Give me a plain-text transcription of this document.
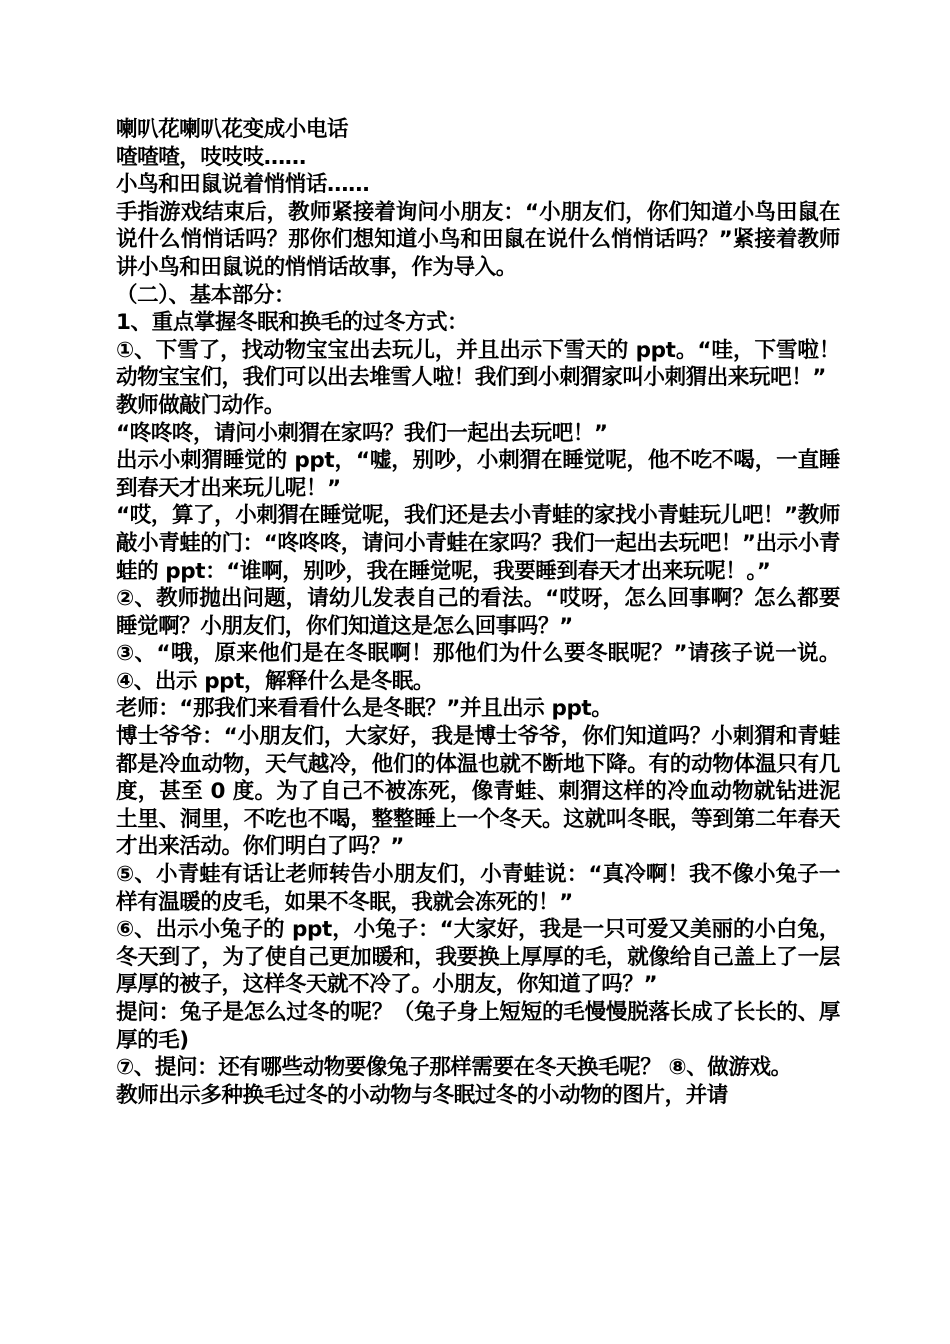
喇叭花喇叭花变成小电话

喳喳喳，吱吱吱……

小鸟和田鼠说着悄悄话……

手指游戏结束后，教师紧接着询问小朋友：“小朋友们，你们知道小鸟田鼠在说什么悄悄话吗？那你们想知道小鸟和田鼠在说什么悄悄话吗？”紧接着教师讲小鸟和田鼠说的悄悄话故事，作为导入。

（二）、基本部分：

1、重点掌握冬眠和换毛的过冬方式：

①、下雪了，找动物宝宝出去玩儿，并且出示下雪天的 ppt。“哇，下雪啦！动物宝宝们，我们可以出去堆雪人啦！我们到小刺猬家叫小刺猬出来玩吧！”

教师做敲门动作。

“咚咚咚，请问小刺猬在家吗？我们一起出去玩吧！”

出示小刺猬睡觉的 ppt，“嘘，别吵，小刺猬在睡觉呢，他不吃不喝，一直睡到春天才出来玩儿呢！”

“哎，算了，小刺猬在睡觉呢，我们还是去小青蛙的家找小青蛙玩儿吧！”教师敲小青蛙的门：“咚咚咚，请问小青蛙在家吗？我们一起出去玩吧！”出示小青蛙的 ppt：“谁啊，别吵，我在睡觉呢，我要睡到春天才出来玩呢！。”

②、教师抛出问题，请幼儿发表自己的看法。“哎呀，怎么回事啊？怎么都要睡觉啊？小朋友们，你们知道这是怎么回事吗？”

③、“哦，原来他们是在冬眠啊！那他们为什么要冬眠呢？”请孩子说一说。 ④、出示 ppt，解释什么是冬眠。

老师：“那我们来看看什么是冬眠？”并且出示 ppt。

博士爷爷：“小朋友们，大家好，我是博士爷爷，你们知道吗？小刺猬和青蛙都是冷血动物，天气越冷，他们的体温也就不断地下降。有的动物体温只有几度，甚至 0 度。为了自己不被冻死，像青蛙、刺猬这样的冷血动物就钻进泥土里、洞里，不吃也不喝，整整睡上一个冬天。这就叫冬眠，等到第二年春天才出来活动。你们明白了吗？”

⑤、小青蛙有话让老师转告小朋友们，小青蛙说：“真冷啊！我不像小兔子一样有温暖的皮毛，如果不冬眠，我就会冻死的！”

⑥、出示小兔子的 ppt，小兔子：“大家好，我是一只可爱又美丽的小白兔，冬天到了，为了使自己更加暖和，我要换上厚厚的毛，就像给自己盖上了一层厚厚的被子，这样冬天就不冷了。小朋友，你知道了吗？”

提问：兔子是怎么过冬的呢？（兔子身上短短的毛慢慢脱落长成了长长的、厚厚的毛)

⑦、提问：还有哪些动物要像兔子那样需要在冬天换毛呢？ ⑧、做游戏。

教师出示多种换毛过冬的小动物与冬眠过冬的小动物的图片，并请
